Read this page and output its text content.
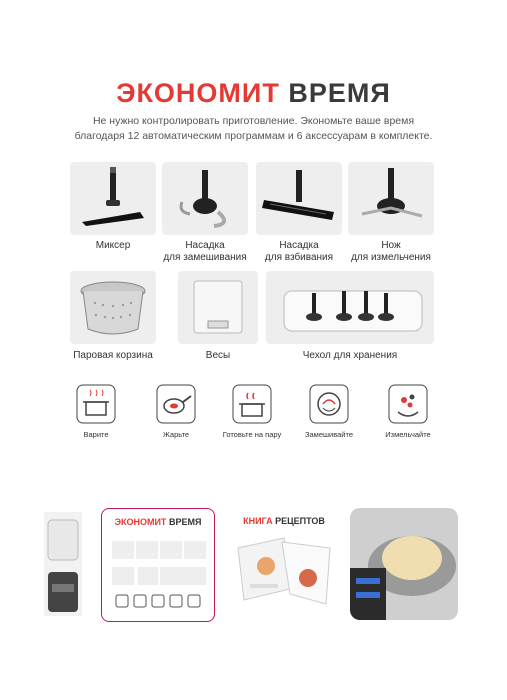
ЭКОНОМИТ ВРЕМЯ
Не нужно контролировать приготовление. Экономьте ваше время
благодаря 12 автоматическим программам и 6 аксессуарам в комплекте.
Миксер	Насадка
для замешивания
Насадка
для взбивания
Нож
для измельчения
Паровая корзина	Весы	Чехол для хранения
Варите	Жарьте	Готовьте на пару	Замешивайте	Измельчайте
ЭКОНОМИТ ВРЕМЯ	КНИГА РЕЦЕПТОВ
